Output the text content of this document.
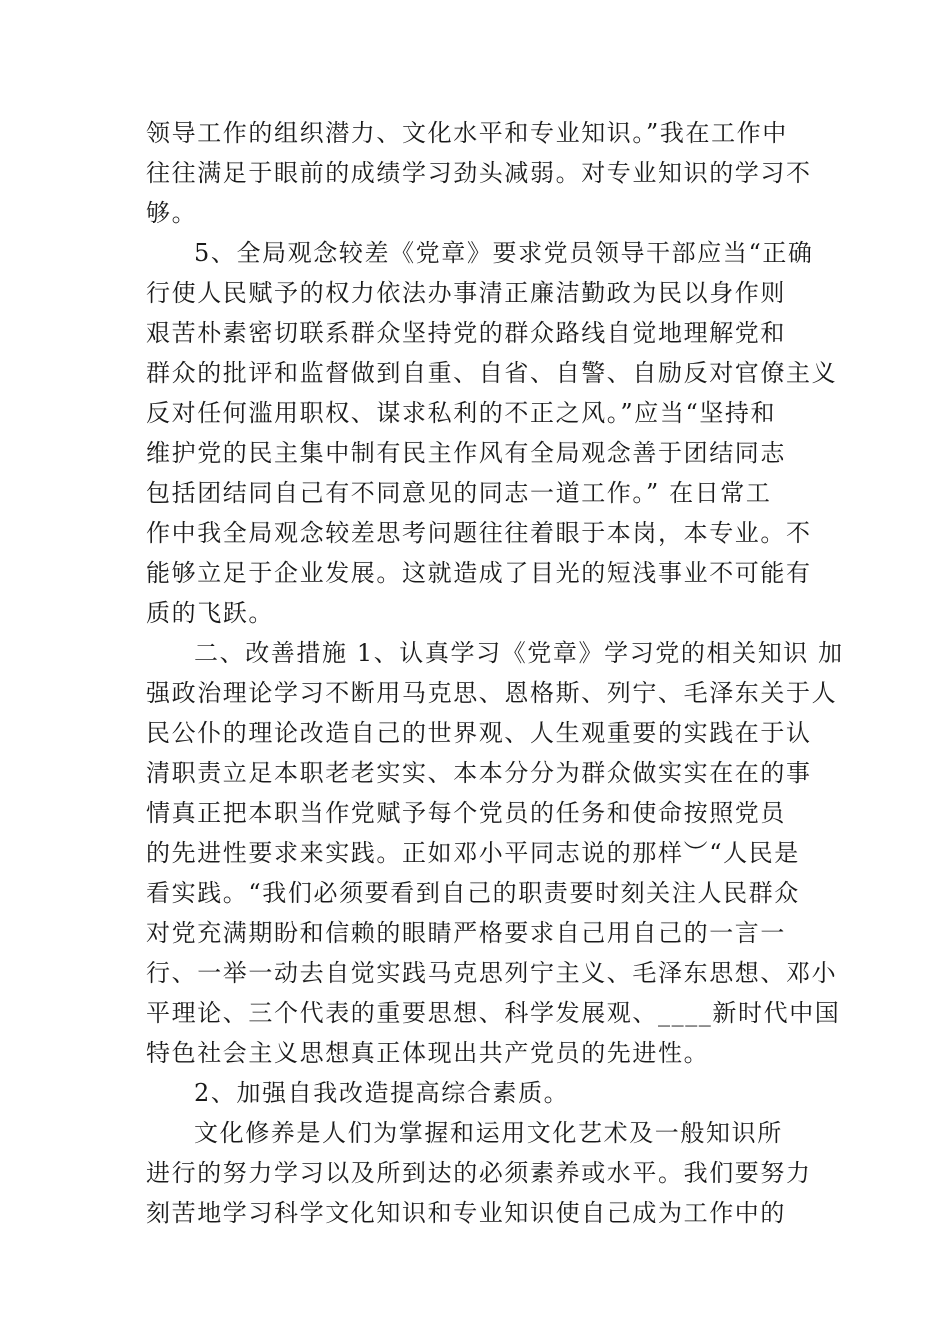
领导工作的组织潜力、文化水平和专业知识。”我在工作中
往往满足于眼前的成绩学习劲头减弱。对专业知识的学习不
够。
5、全局观念较差《党章》要求党员领导干部应当“正确
行使人民赋予的权力依法办事清正廉洁勤政为民以身作则
艰苦朴素密切联系群众坚持党的群众路线自觉地理解党和
群众的批评和监督做到自重、自省、自警、自励反对官僚主义
反对任何滥用职权、谋求私利的不正之风。”应当“坚持和
维护党的民主集中制有民主作风有全局观念善于团结同志
包括团结同自己有不同意见的同志一道工作。” 在日常工
作中我全局观念较差思考问题往往着眼于本岗，本专业。不
能够立足于企业发展。这就造成了目光的短浅事业不可能有
质的飞跃。
二、改善措施 1、认真学习《党章》学习党的相关知识 加
强政治理论学习不断用马克思、恩格斯、列宁、毛泽东关于人
民公仆的理论改造自己的世界观、人生观重要的实践在于认
清职责立足本职老老实实、本本分分为群众做实实在在的事
情真正把本职当作党赋予每个党员的任务和使命按照党员
的先进性要求来实践。正如邓小平同志说的那样︶“人民是
看实践。“我们必须要看到自己的职责要时刻关注人民群众
对党充满期盼和信赖的眼睛严格要求自己用自己的一言一
行、一举一动去自觉实践马克思列宁主义、毛泽东思想、邓小
平理论、三个代表的重要思想、科学发展观、____新时代中国
特色社会主义思想真正体现出共产党员的先进性。
2、加强自我改造提高综合素质。
文化修养是人们为掌握和运用文化艺术及一般知识所
进行的努力学习以及所到达的必须素养或水平。我们要努力
刻苦地学习科学文化知识和专业知识使自己成为工作中的
